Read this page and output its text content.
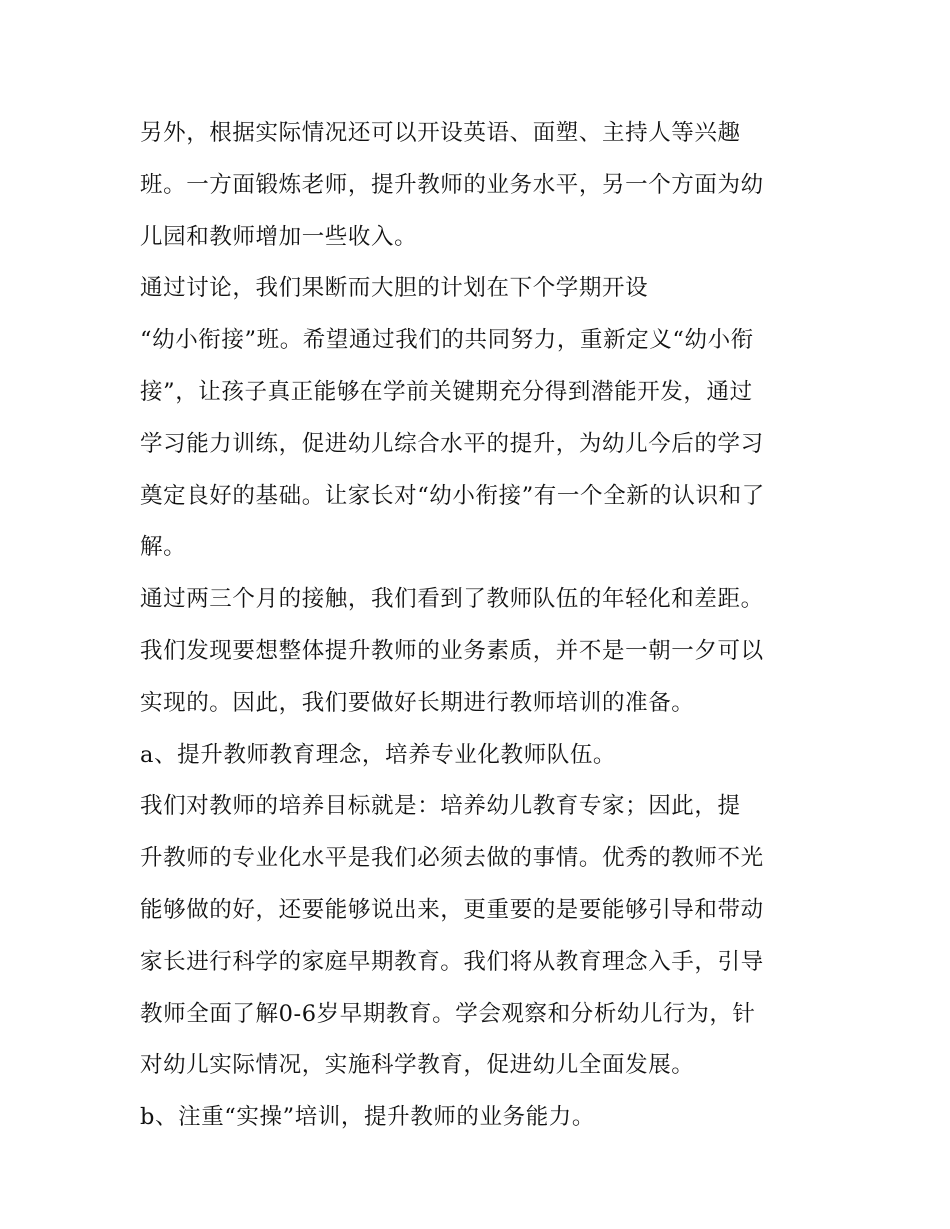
另外，根据实际情况还可以开设英语、面塑、主持人等兴趣
班。一方面锻炼老师，提升教师的业务水平，另一个方面为幼
儿园和教师增加一些收入。
通过讨论，我们果断而大胆的计划在下个学期开设
“幼小衔接”班。希望通过我们的共同努力，重新定义“幼小衔
接”，让孩子真正能够在学前关键期充分得到潜能开发，通过
学习能力训练，促进幼儿综合水平的提升，为幼儿今后的学习
奠定良好的基础。让家长对“幼小衔接”有一个全新的认识和了
解。
通过两三个月的接触，我们看到了教师队伍的年轻化和差距。
我们发现要想整体提升教师的业务素质，并不是一朝一夕可以
实现的。因此，我们要做好长期进行教师培训的准备。
a、提升教师教育理念，培养专业化教师队伍。
我们对教师的培养目标就是：培养幼儿教育专家；因此，提
升教师的专业化水平是我们必须去做的事情。优秀的教师不光
能够做的好，还要能够说出来，更重要的是要能够引导和带动
家长进行科学的家庭早期教育。我们将从教育理念入手，引导
教师全面了解0-6岁早期教育。学会观察和分析幼儿行为，针
对幼儿实际情况，实施科学教育，促进幼儿全面发展。
b、注重“实操”培训，提升教师的业务能力。
